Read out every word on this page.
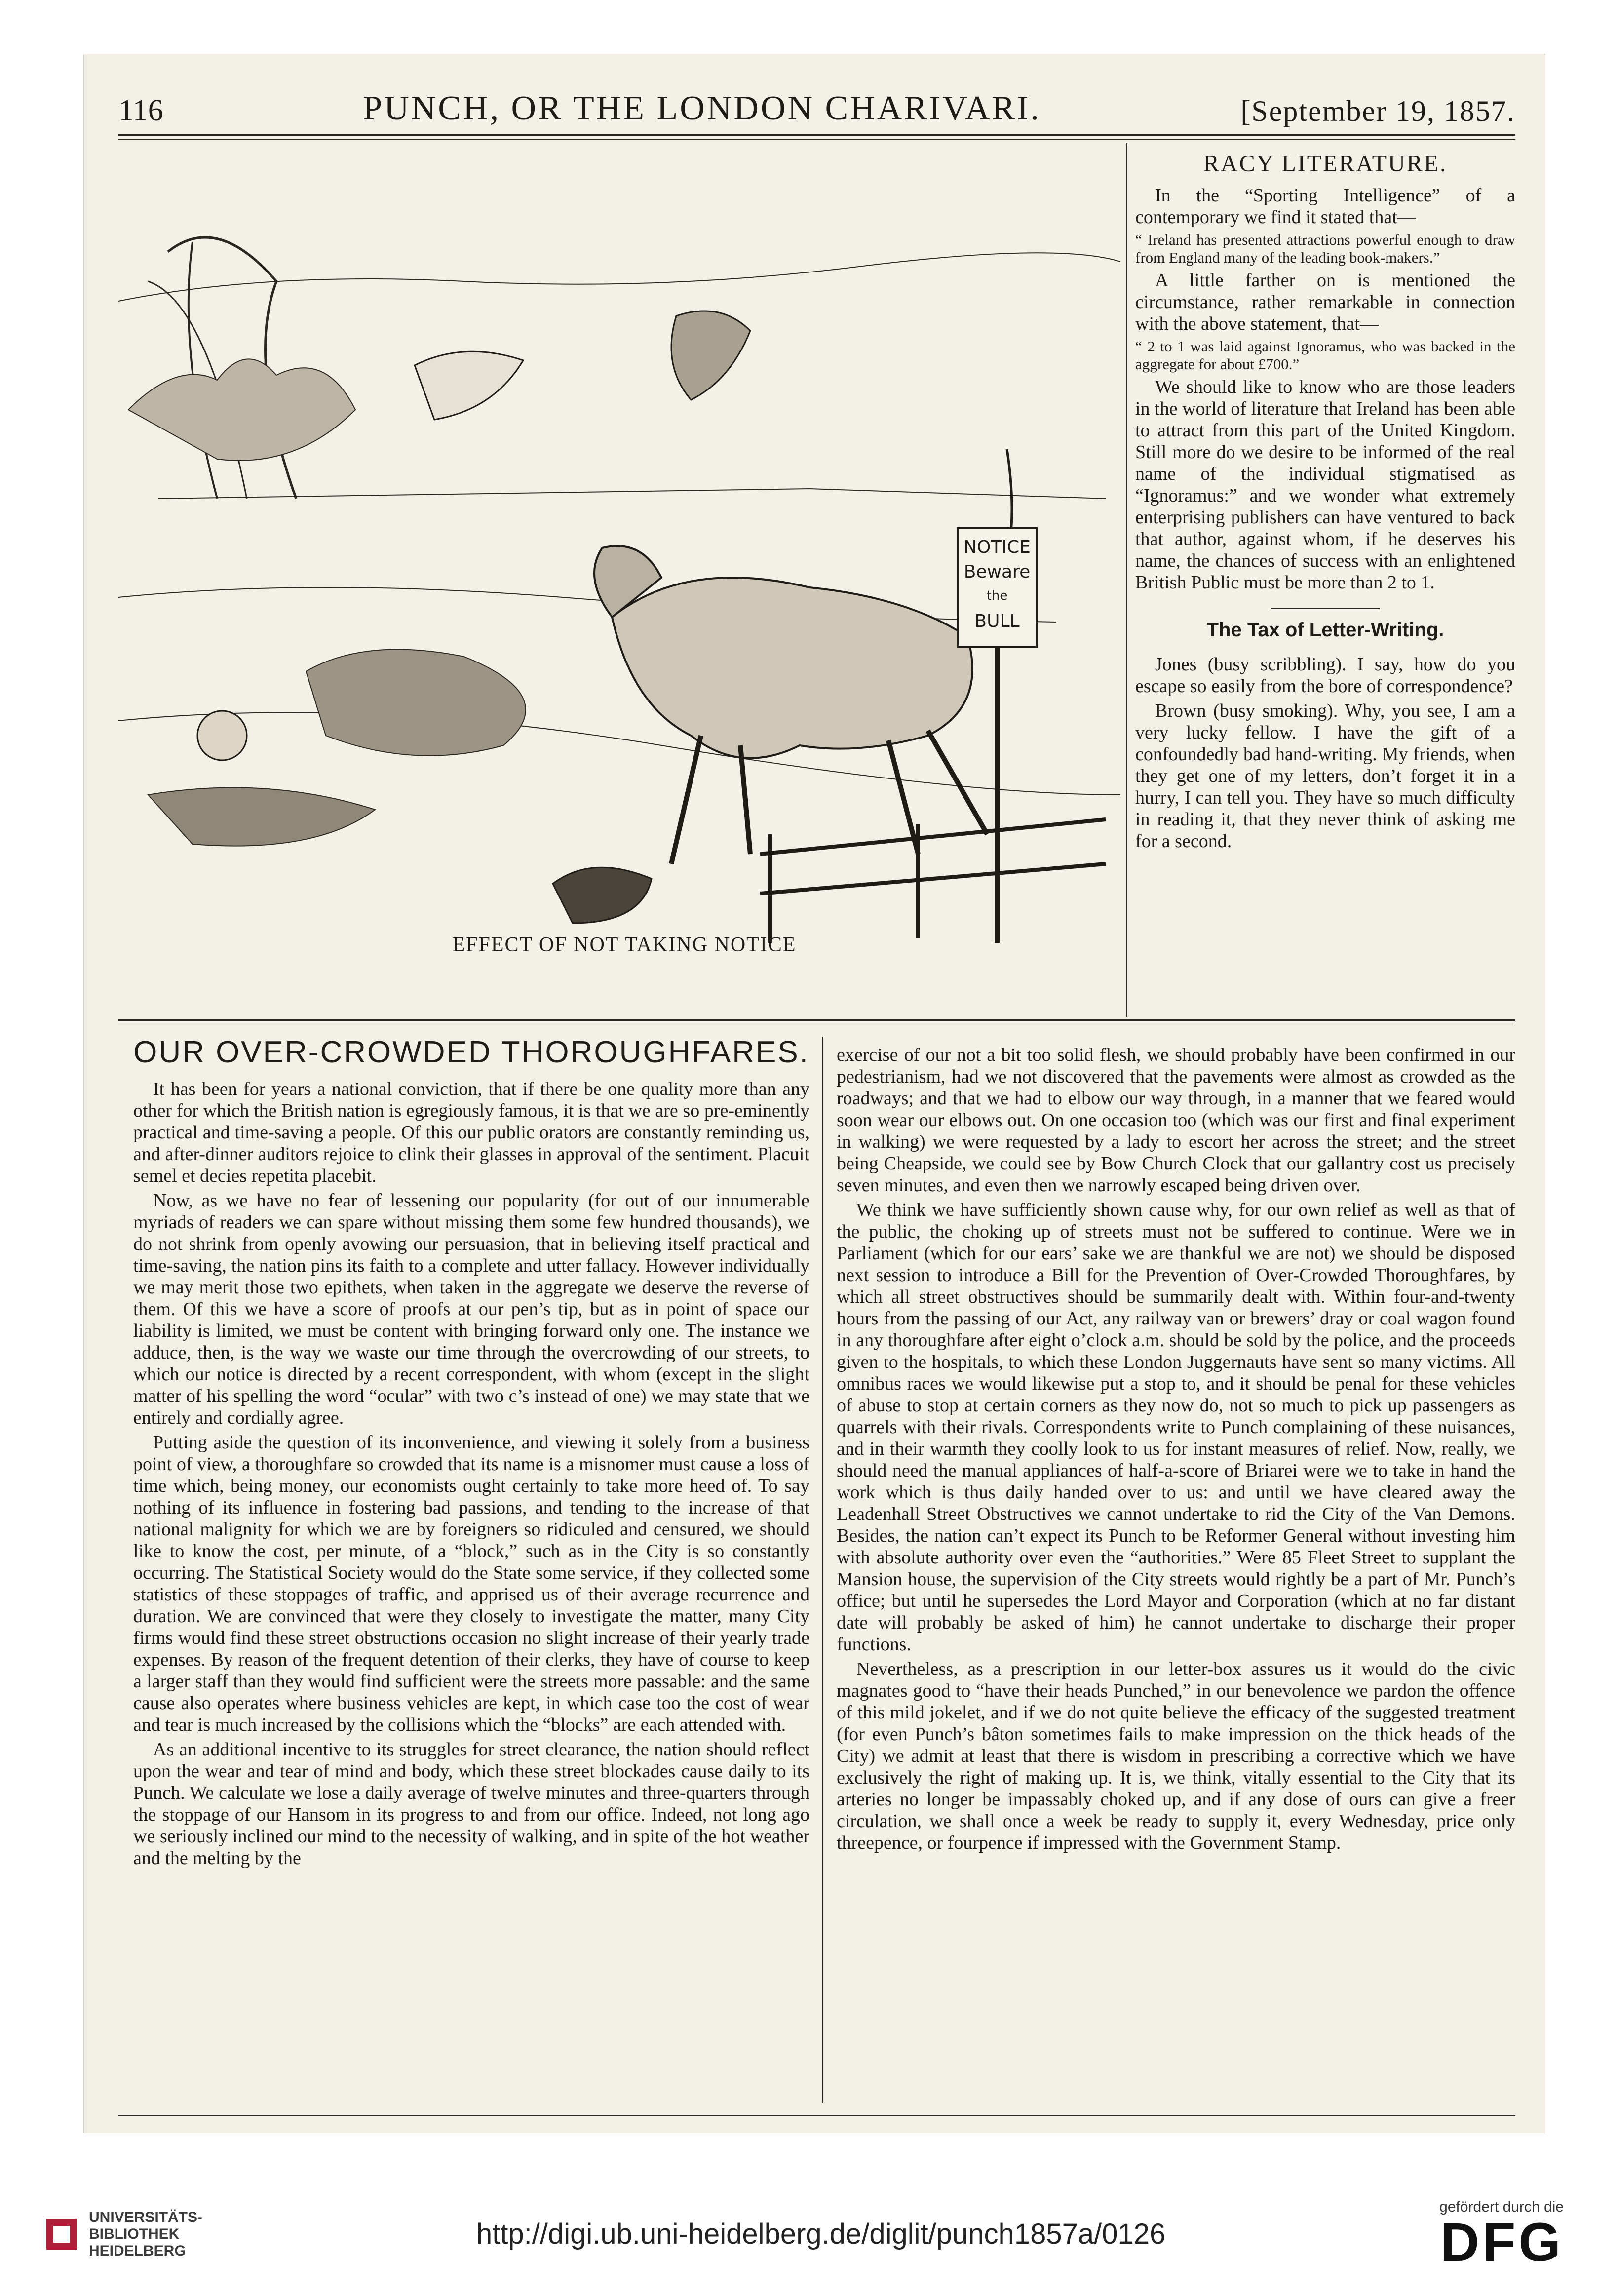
116	PUNCH, OR THE LONDON CHARIVARI.	[September 19, 1857.
NOTICE
Beware
the
BULL
EFFECT OF NOT TAKING NOTICE
RACY LITERATURE.

In the “Sporting Intelligence” of a contemporary we find it stated that—

“ Ireland has presented attractions powerful enough to draw from England many of the leading book-makers.”

A little farther on is mentioned the circumstance, rather remarkable in connection with the above statement, that—

“ 2 to 1 was laid against Ignoramus, who was backed in the aggregate for about £700.”

We should like to know who are those leaders in the world of literature that Ireland has been able to attract from this part of the United Kingdom. Still more do we desire to be informed of the real name of the individual stigmatised as “Ignoramus:” and we wonder what extremely enterprising publishers can have ventured to back that author, against whom, if he deserves his name, the chances of success with an enlightened British Public must be more than 2 to 1.

The Tax of Letter-Writing.

Jones (busy scribbling). I say, how do you escape so easily from the bore of correspondence?

Brown (busy smoking). Why, you see, I am a very lucky fellow. I have the gift of a confoundedly bad hand-writing. My friends, when they get one of my letters, don’t forget it in a hurry, I can tell you. They have so much difficulty in reading it, that they never think of asking me for a second.

OUR OVER-CROWDED THOROUGHFARES.

It has been for years a national conviction, that if there be one quality more than any other for which the British nation is egregiously famous, it is that we are so pre-eminently practical and time-saving a people. Of this our public orators are constantly reminding us, and after-dinner auditors rejoice to clink their glasses in approval of the sentiment. Placuit semel et decies repetita placebit.

Now, as we have no fear of lessening our popularity (for out of our innumerable myriads of readers we can spare without missing them some few hundred thousands), we do not shrink from openly avowing our persuasion, that in believing itself practical and time-saving, the nation pins its faith to a complete and utter fallacy. However individually we may merit those two epithets, when taken in the aggregate we deserve the reverse of them. Of this we have a score of proofs at our pen’s tip, but as in point of space our liability is limited, we must be content with bringing forward only one. The instance we adduce, then, is the way we waste our time through the overcrowding of our streets, to which our notice is directed by a recent correspondent, with whom (except in the slight matter of his spelling the word “ocular” with two c’s instead of one) we may state that we entirely and cordially agree.

Putting aside the question of its inconvenience, and viewing it solely from a business point of view, a thoroughfare so crowded that its name is a misnomer must cause a loss of time which, being money, our economists ought certainly to take more heed of. To say nothing of its influence in fostering bad passions, and tending to the increase of that national malignity for which we are by foreigners so ridiculed and censured, we should like to know the cost, per minute, of a “block,” such as in the City is so constantly occurring. The Statistical Society would do the State some service, if they collected some statistics of these stoppages of traffic, and apprised us of their average recurrence and duration. We are convinced that were they closely to investigate the matter, many City firms would find these street obstructions occasion no slight increase of their yearly trade expenses. By reason of the frequent detention of their clerks, they have of course to keep a larger staff than they would find sufficient were the streets more passable: and the same cause also operates where business vehicles are kept, in which case too the cost of wear and tear is much increased by the collisions which the “blocks” are each attended with.

As an additional incentive to its struggles for street clearance, the nation should reflect upon the wear and tear of mind and body, which these street blockades cause daily to its Punch. We calculate we lose a daily average of twelve minutes and three-quarters through the stoppage of our Hansom in its progress to and from our office. Indeed, not long ago we seriously inclined our mind to the necessity of walking, and in spite of the hot weather and the melting by the

exercise of our not a bit too solid flesh, we should probably have been confirmed in our pedestrianism, had we not discovered that the pavements were almost as crowded as the roadways; and that we had to elbow our way through, in a manner that we feared would soon wear our elbows out. On one occasion too (which was our first and final experiment in walking) we were requested by a lady to escort her across the street; and the street being Cheapside, we could see by Bow Church Clock that our gallantry cost us precisely seven minutes, and even then we narrowly escaped being driven over.

We think we have sufficiently shown cause why, for our own relief as well as that of the public, the choking up of streets must not be suffered to continue. Were we in Parliament (which for our ears’ sake we are thankful we are not) we should be disposed next session to introduce a Bill for the Prevention of Over-Crowded Thoroughfares, by which all street obstructives should be summarily dealt with. Within four-and-twenty hours from the passing of our Act, any railway van or brewers’ dray or coal wagon found in any thoroughfare after eight o’clock a.m. should be sold by the police, and the proceeds given to the hospitals, to which these London Juggernauts have sent so many victims. All omnibus races we would likewise put a stop to, and it should be penal for these vehicles of abuse to stop at certain corners as they now do, not so much to pick up passengers as quarrels with their rivals. Correspondents write to Punch complaining of these nuisances, and in their warmth they coolly look to us for instant measures of relief. Now, really, we should need the manual appliances of half-a-score of Briarei were we to take in hand the work which is thus daily handed over to us: and until we have cleared away the Leadenhall Street Obstructives we cannot undertake to rid the City of the Van Demons. Besides, the nation can’t expect its Punch to be Reformer General without investing him with absolute authority over even the “authorities.” Were 85 Fleet Street to supplant the Mansion house, the supervision of the City streets would rightly be a part of Mr. Punch’s office; but until he supersedes the Lord Mayor and Corporation (which at no far distant date will probably be asked of him) he cannot undertake to discharge their proper functions.

Nevertheless, as a prescription in our letter-box assures us it would do the civic magnates good to “have their heads Punched,” in our benevolence we pardon the offence of this mild jokelet, and if we do not quite believe the efficacy of the suggested treatment (for even Punch’s bâton sometimes fails to make impression on the thick heads of the City) we admit at least that there is wisdom in prescribing a corrective which we have exclusively the right of making up. It is, we think, vitally essential to the City that its arteries no longer be impassably choked up, and if any dose of ours can give a freer circulation, we shall once a week be ready to supply it, every Wednesday, price only threepence, or fourpence if impressed with the Government Stamp.

UNIVERSITÄTS-
BIBLIOTHEK
HEIDELBERG
http://digi.ub.uni-heidelberg.de/diglit/punch1857a/0126
gefördert durch die
DFG
